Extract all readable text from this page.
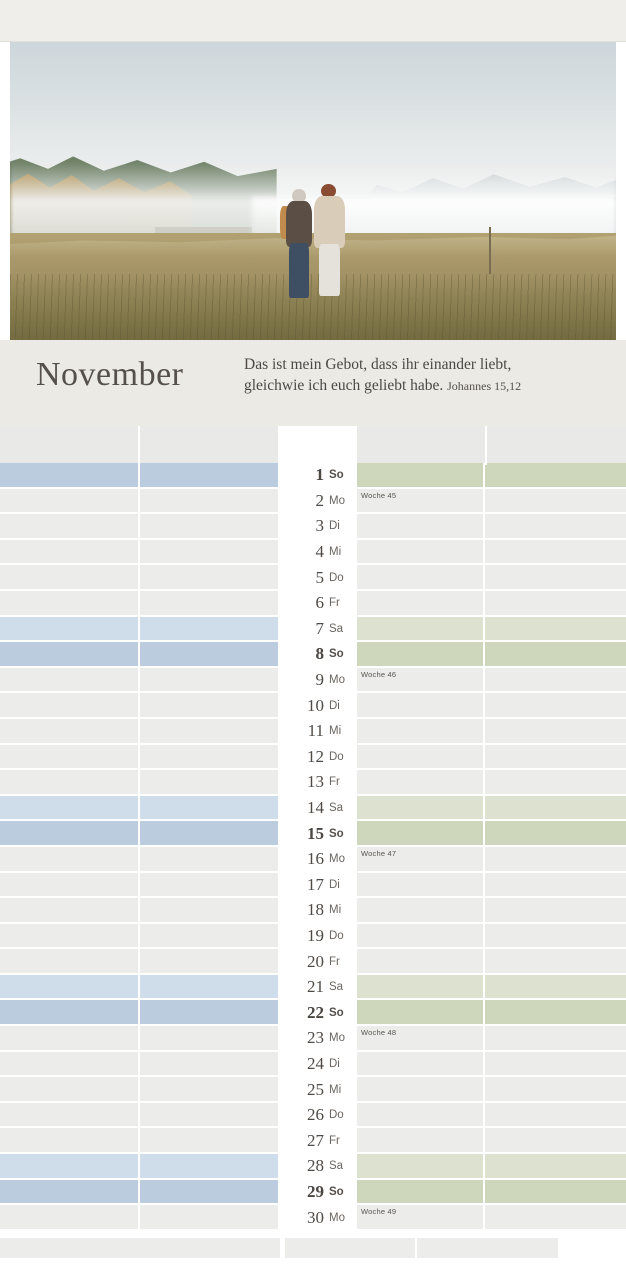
November	Das ist mein Gebot, dass ihr einander liebt,
gleichwie ich euch geliebt habe. Johannes 15,12
1 So
2 Mo Woche 45
3 Di
4 Mi
5 Do
6 Fr
7 Sa
8 So
9 Mo Woche 46
10 Di
11 Mi
12 Do
13 Fr
14 Sa
15 So
16 Mo Woche 47
17 Di
18 Mi
19 Do
20 Fr
21 Sa
22 So
23 Mo Woche 48
24 Di
25 Mi
26 Do
27 Fr
28 Sa
29 So
30 Mo Woche 49
